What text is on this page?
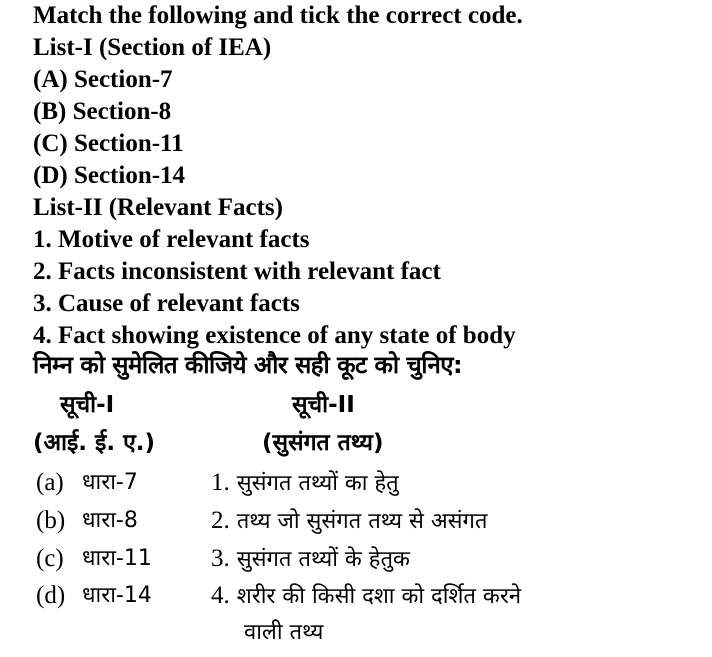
Match the following and tick the correct code.
List-I (Section of IEA)
(A) Section-7
(B) Section-8
(C) Section-11
(D) Section-14
List-II (Relevant Facts)
1. Motive of relevant facts
2. Facts inconsistent with relevant fact
3. Cause of relevant facts
4. Fact showing existence of any state of body
निम्न को सुमेलित कीजिये और सही कूट को चुनिए:
सूची-I	सूची-II
(आई. ई. ए.)	(सुसंगत तथ्य)
(a) धारा-7	1. सुसंगत तथ्यों का हेतु
(b) धारा-8	2. तथ्य जो सुसंगत तथ्य से असंगत
(c) धारा-11 3. सुसंगत तथ्यों के हेतुक
(d) धारा-14 4. शरीर की किसी दशा को दर्शित करने
वाली तथ्य
